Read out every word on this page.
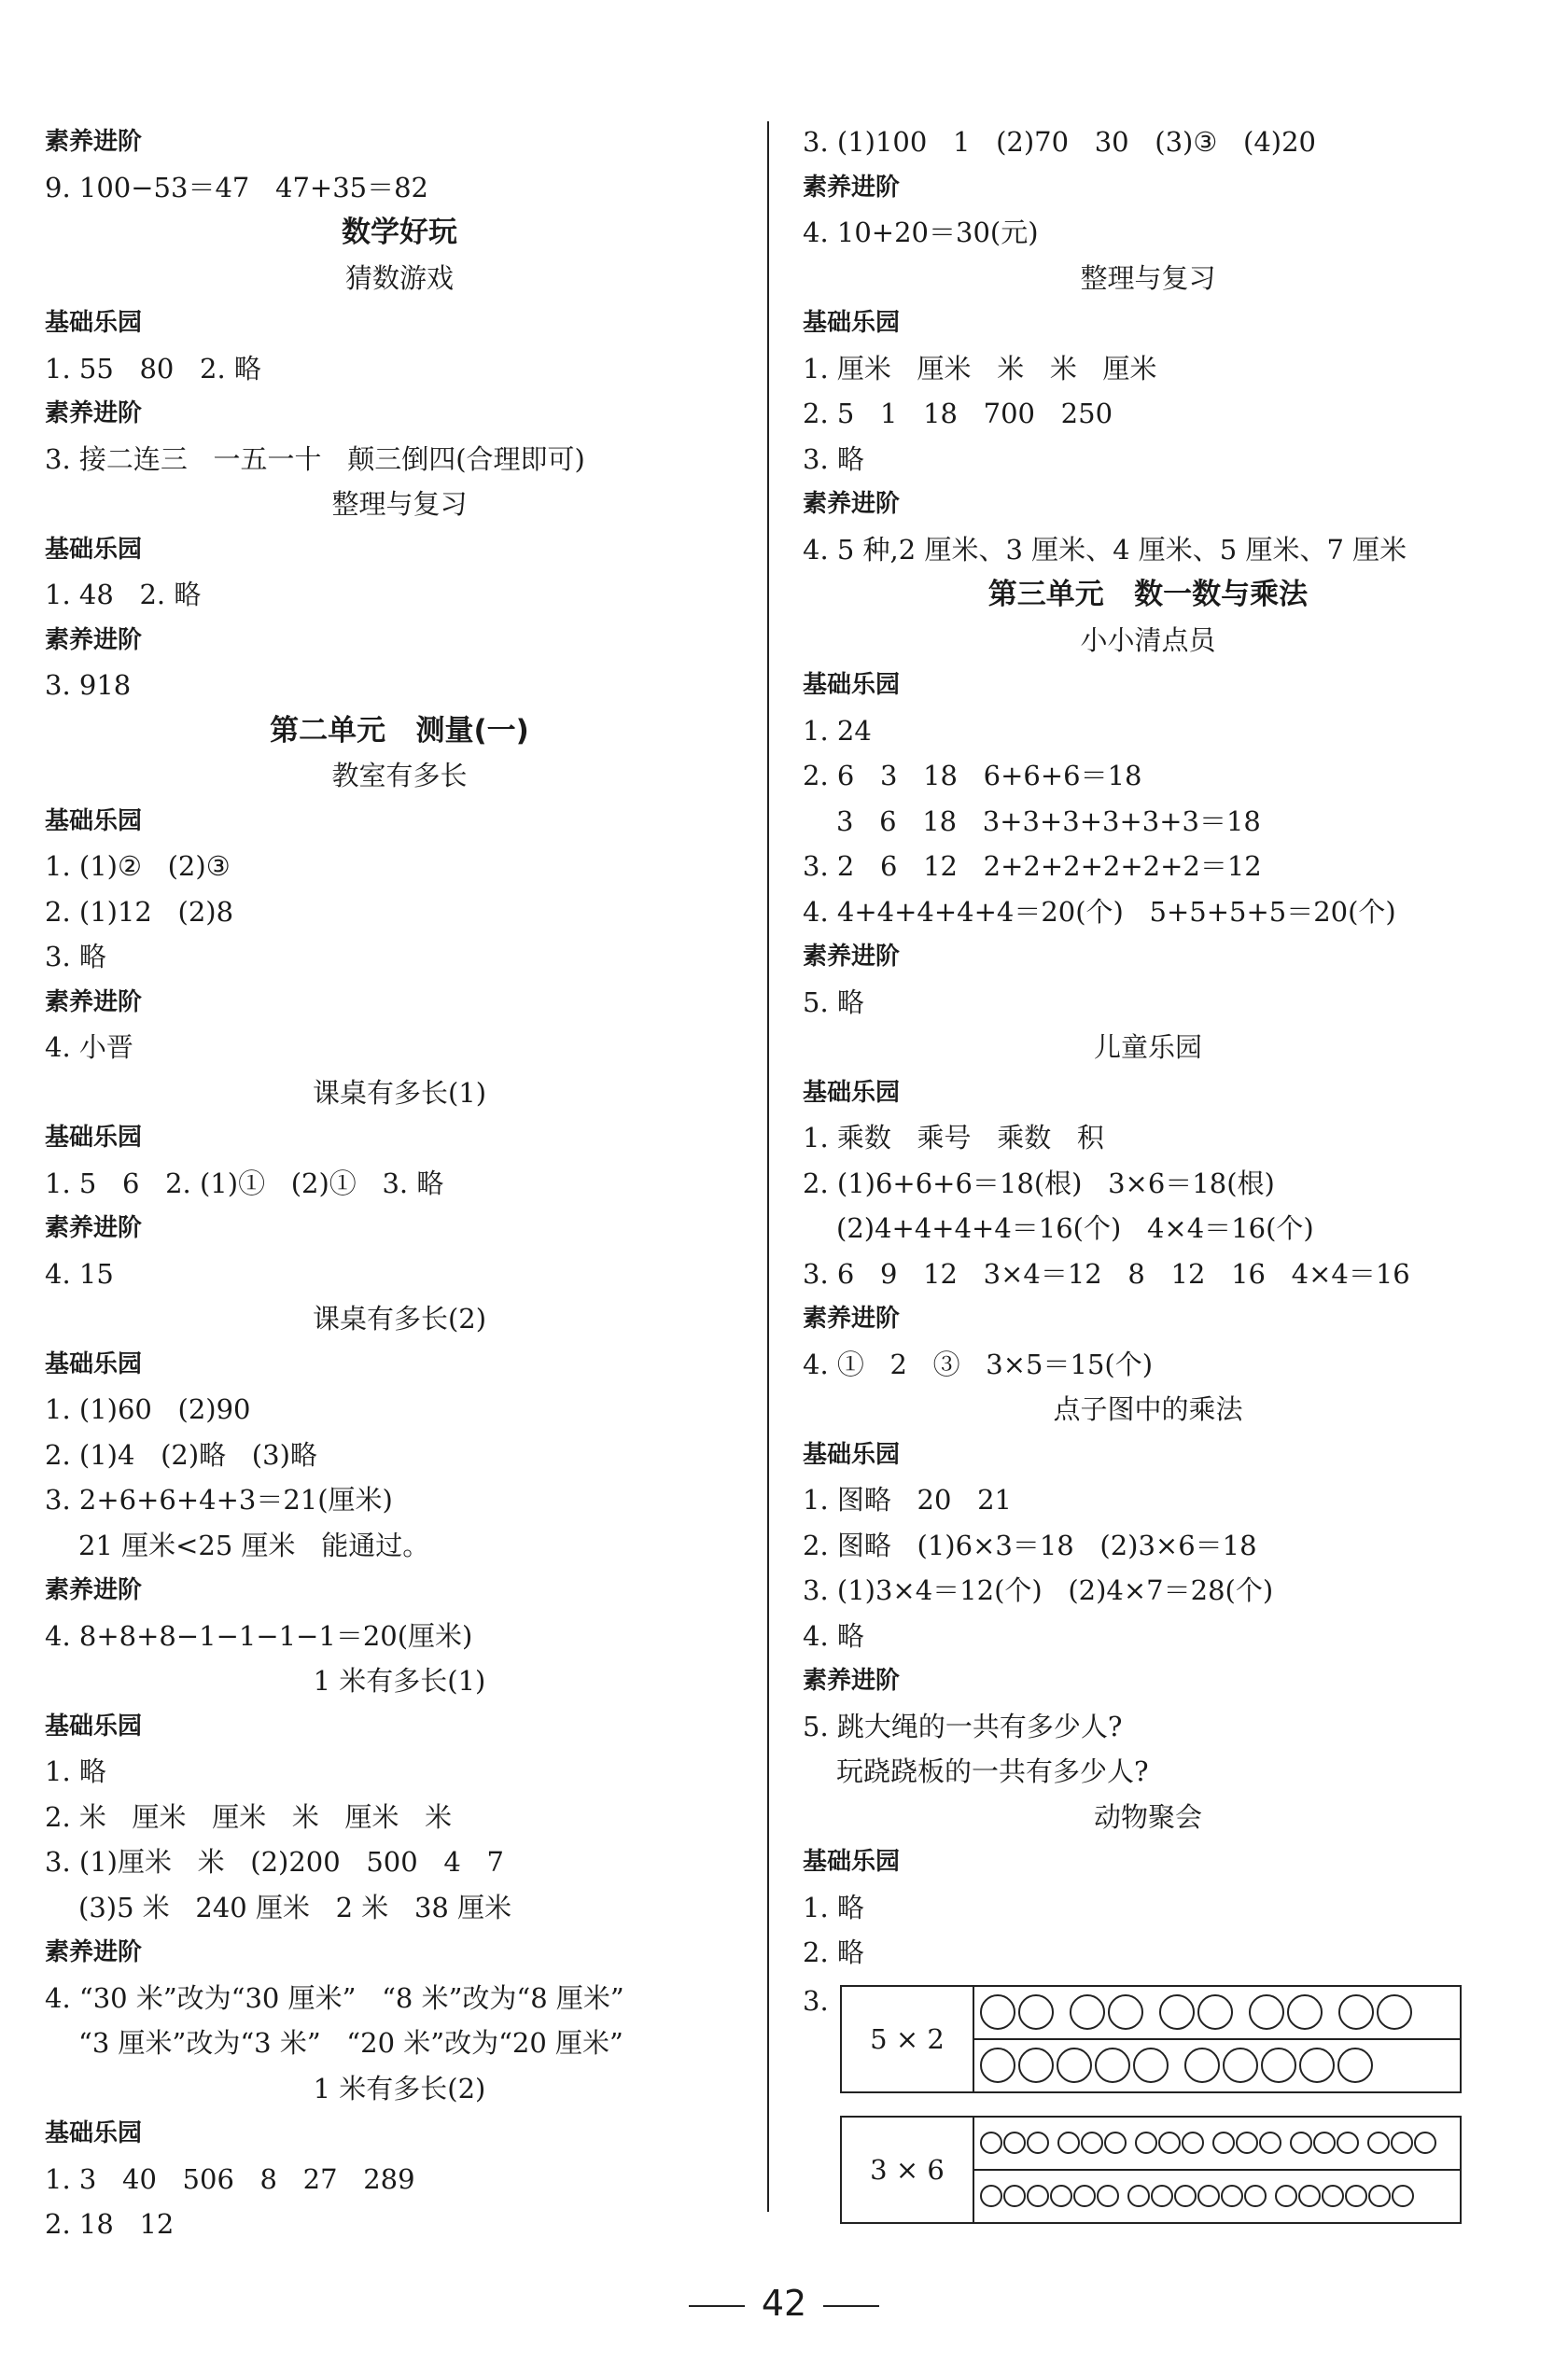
素养进阶
9. 100−53＝47   47+35＝82
数学好玩
猜数游戏
基础乐园
1. 55   80   2. 略
素养进阶
3. 接二连三   一五一十   颠三倒四(合理即可)
整理与复习
基础乐园
1. 48   2. 略
素养进阶
3. 918
第二单元   测量(一)
教室有多长
基础乐园
1. (1)②   (2)③
2. (1)12   (2)8
3. 略
素养进阶
4. 小晋
课桌有多长(1)
基础乐园
1. 5   6   2. (1)①   (2)①   3. 略
素养进阶
4. 15
课桌有多长(2)
基础乐园
1. (1)60   (2)90
2. (1)4   (2)略   (3)略
3. 2+6+6+4+3＝21(厘米)
21 厘米<25 厘米   能通过。
素养进阶
4. 8+8+8−1−1−1−1＝20(厘米)
1 米有多长(1)
基础乐园
1. 略
2. 米   厘米   厘米   米   厘米   米
3. (1)厘米   米   (2)200   500   4   7
(3)5 米   240 厘米   2 米   38 厘米
素养进阶
4. “30 米”改为“30 厘米”   “8 米”改为“8 厘米”
“3 厘米”改为“3 米”   “20 米”改为“20 厘米”
1 米有多长(2)
基础乐园
1. 3   40   506   8   27   289
2. 18   12
3. (1)100   1   (2)70   30   (3)③   (4)20
素养进阶
4. 10+20＝30(元)
整理与复习
基础乐园
1. 厘米   厘米   米   米   厘米
2. 5   1   18   700   250
3. 略
素养进阶
4. 5 种,2 厘米、3 厘米、4 厘米、5 厘米、7 厘米
第三单元   数一数与乘法
小小清点员
基础乐园
1. 24
2. 6   3   18   6+6+6＝18
3   6   18   3+3+3+3+3+3＝18
3. 2   6   12   2+2+2+2+2+2＝12
4. 4+4+4+4+4＝20(个)   5+5+5+5＝20(个)
素养进阶
5. 略
儿童乐园
基础乐园
1. 乘数   乘号   乘数   积
2. (1)6+6+6＝18(根)   3×6＝18(根)
(2)4+4+4+4＝16(个)   4×4＝16(个)
3. 6   9   12   3×4＝12   8   12   16   4×4＝16
素养进阶
4. ①   2   ③   3×5＝15(个)
点子图中的乘法
基础乐园
1. 图略   20   21
2. 图略   (1)6×3＝18   (2)3×6＝18
3. (1)3×4＝12(个)   (2)4×7＝28(个)
4. 略
素养进阶
5. 跳大绳的一共有多少人?
玩跷跷板的一共有多少人?
动物聚会
基础乐园
1. 略
2. 略
3.
5 × 2
3 × 6
42
